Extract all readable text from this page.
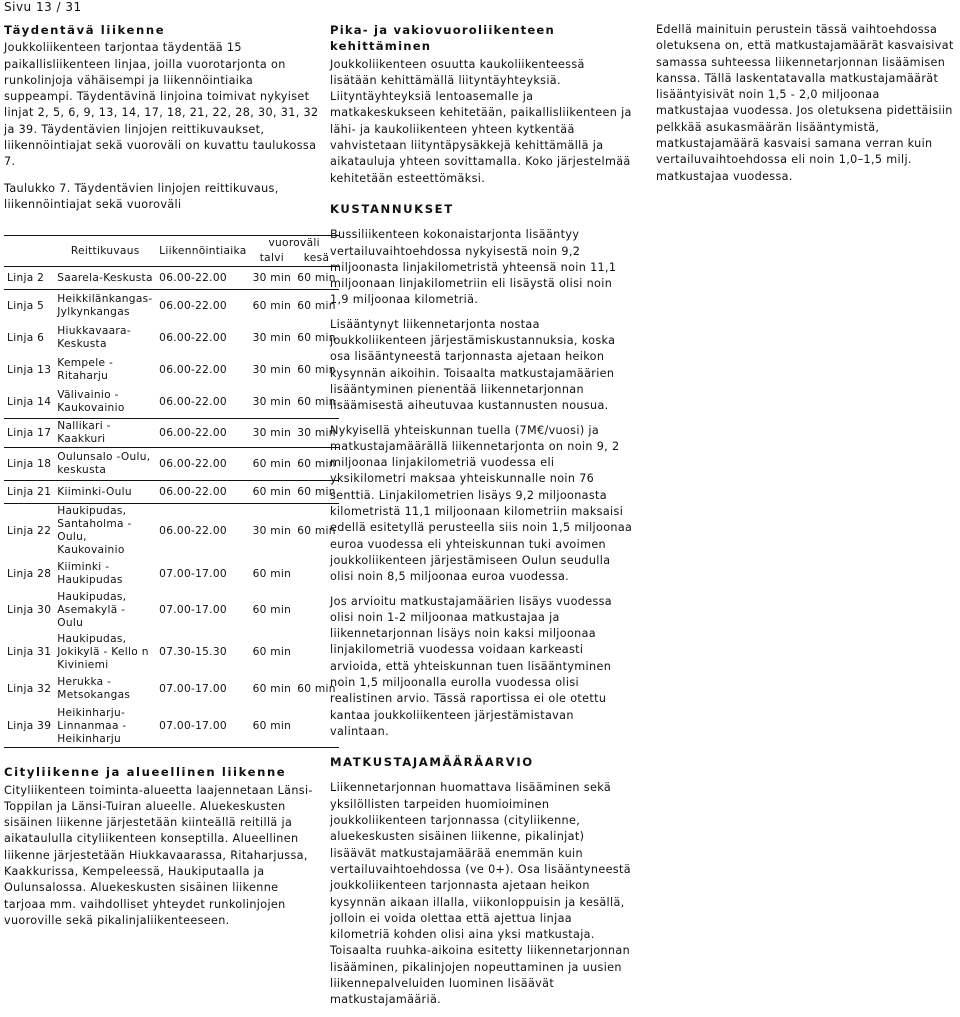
Sivu 13 / 31
Täydentävä liikenne

Joukkoliikenteen tarjontaa täydentää 15 paikallisliikenteen linjaa, joilla vuorotarjonta on runkolinjoja vähäisempi ja liikennöintiaika suppeampi. Täydentävinä linjoina toimivat nykyiset linjat 2, 5, 6, 9, 13, 14, 17, 18, 21, 22, 28, 30, 31, 32 ja 39. Täydentävien linjojen reittikuvaukset, liikennöintiajat sekä vuoroväli on kuvattu taulukossa 7.

Taulukko 7. Täydentävien linjojen reittikuvaus, liikennöintiajat sekä vuoroväli

	Reittikuvaus	Liikennöintiaika	vuoroväli	
			talvi	kesä
Linja 2	Saarela-Keskusta	06.00-22.00	30 min	60 min
Linja 5	Heikkilänkangas-Jylkynkangas	06.00-22.00	60 min	60 min
Linja 6	Hiukkavaara-Keskusta	06.00-22.00	30 min	60 min
Linja 13	Kempele - Ritaharju	06.00-22.00	30 min	60 min
Linja 14	Välivainio - Kaukovainio	06.00-22.00	30 min	60 min
Linja 17	Nallikari - Kaakkuri	06.00-22.00	30 min	30 min
Linja 18	Oulunsalo -Oulu, keskusta	06.00-22.00	60 min	60 min
Linja 21	Kiiminki-Oulu	06.00-22.00	60 min	60 min
Linja 22	Haukipudas, Santaholma - Oulu, Kaukovainio	06.00-22.00	30 min	60 min
Linja 28	Kiiminki - Haukipudas	07.00-17.00	60 min	
Linja 30	Haukipudas, Asemakylä - Oulu	07.00-17.00	60 min	
Linja 31	Haukipudas, Jokikylä - Kello n Kiviniemi	07.30-15.30	60 min	
Linja 32	Herukka - Metsokangas	07.00-17.00	60 min	60 min
Linja 39	Heikinharju-Linnanmaa - Heikinharju	07.00-17.00	60 min	
Cityliikenne ja alueellinen liikenne

Cityliikenteen toiminta-alueetta laajennetaan Länsi-Toppilan ja Länsi-Tuiran alueelle. Aluekeskusten sisäinen liikenne järjestetään kiinteällä reitillä ja aikataululla cityliikenteen konseptilla. Alueellinen liikenne järjestetään Hiukkavaarassa, Ritaharjussa, Kaakkurissa, Kempeleessä, Haukiputaalla ja Oulunsalossa. Aluekeskusten sisäinen liikenne tarjoaa mm. vaihdolliset yhteydet runkolinjojen vuoroville sekä pikalinjaliikenteeseen.

Pika- ja vakiovuoroliikenteen kehittäminen

Joukkoliikenteen osuutta kaukoliikenteessä lisätään kehittämällä liityntäyhteyksiä. Liityntäyhteyksiä lentoasemalle ja matkakeskukseen kehitetään, paikallisliikenteen ja lähi- ja kaukoliikenteen yhteen kytkentää vahvistetaan liityntäpysäkkejä kehittämällä ja aikatauluja yhteen sovittamalla. Koko järjestelmää kehitetään esteettömäksi.

KUSTANNUKSET

Bussiliikenteen kokonaistarjonta lisääntyy vertailuvaihtoehdossa nykyisestä noin 9,2 miljoonasta linjakilometristä yhteensä noin 11,1 miljoonaan linjakilometriin eli lisäystä olisi noin 1,9 miljoonaa kilometriä.

Lisääntynyt liikennetarjonta nostaa joukkoliikenteen järjestämiskustannuksia, koska osa lisääntyneestä tarjonnasta ajetaan heikon kysynnän aikoihin. Toisaalta matkustajamäärien lisääntyminen pienentää liikennetarjonnan lisäämisestä aiheutuvaa kustannusten nousua.

Nykyisellä yhteiskunnan tuella (7M€/vuosi) ja matkustajamäärällä liikennetarjonta on noin 9, 2 miljoonaa linjakilometriä vuodessa eli yksikilometri maksaa yhteiskunnalle noin 76 senttiä. Linjakilometrien lisäys 9,2 miljoonasta kilometristä 11,1 miljoonaan kilometriin maksaisi edellä esitetyllä perusteella siis noin 1,5 miljoonaa euroa vuodessa eli yhteiskunnan tuki avoimen joukkoliikenteen järjestämiseen Oulun seudulla olisi noin 8,5 miljoonaa euroa vuodessa.

Jos arvioitu matkustajamäärien lisäys vuodessa olisi noin 1-2 miljoonaa matkustajaa ja liikennetarjonnan lisäys noin kaksi miljoonaa linjakilometriä vuodessa voidaan karkeasti arvioida, että yhteiskunnan tuen lisääntyminen noin 1,5 miljoonalla eurolla vuodessa olisi realistinen arvio. Tässä raportissa ei ole otettu kantaa joukkoliikenteen järjestämistavan valintaan.

MATKUSTAJAMÄÄRÄARVIO

Liikennetarjonnan huomattava lisääminen sekä yksilöllisten tarpeiden huomioiminen joukkoliikenteen tarjonnassa (cityliikenne, aluekeskusten sisäinen liikenne, pikalinjat) lisäävät matkustajamäärää enemmän kuin vertailuvaihtoehdossa (ve 0+). Osa lisääntyneestä joukkoliikenteen tarjonnasta ajetaan heikon kysynnän aikaan illalla, viikonloppuisin ja kesällä, jolloin ei voida olettaa että ajettua linjaa kilometriä kohden olisi aina yksi matkustaja. Toisaalta ruuhka-aikoina esitetty liikennetarjonnan lisääminen, pikalinjojen nopeuttaminen ja uusien liikennepalveluiden luominen lisäävät matkustajamääriä.

Edellä mainituin perustein tässä vaihtoehdossa oletuksena on, että matkustajamäärät kasvaisivat samassa suhteessa liikennetarjonnan lisäämisen kanssa. Tällä laskentatavalla matkustajamäärät lisääntyisivät noin 1,5 - 2,0 miljoonaa matkustajaa vuodessa. Jos oletuksena pidettäisiin pelkkää asukasmäärän lisääntymistä, matkustajamäärä kasvaisi samana verran kuin vertailuvaihtoehdossa eli noin 1,0–1,5 milj. matkustajaa vuodessa.
